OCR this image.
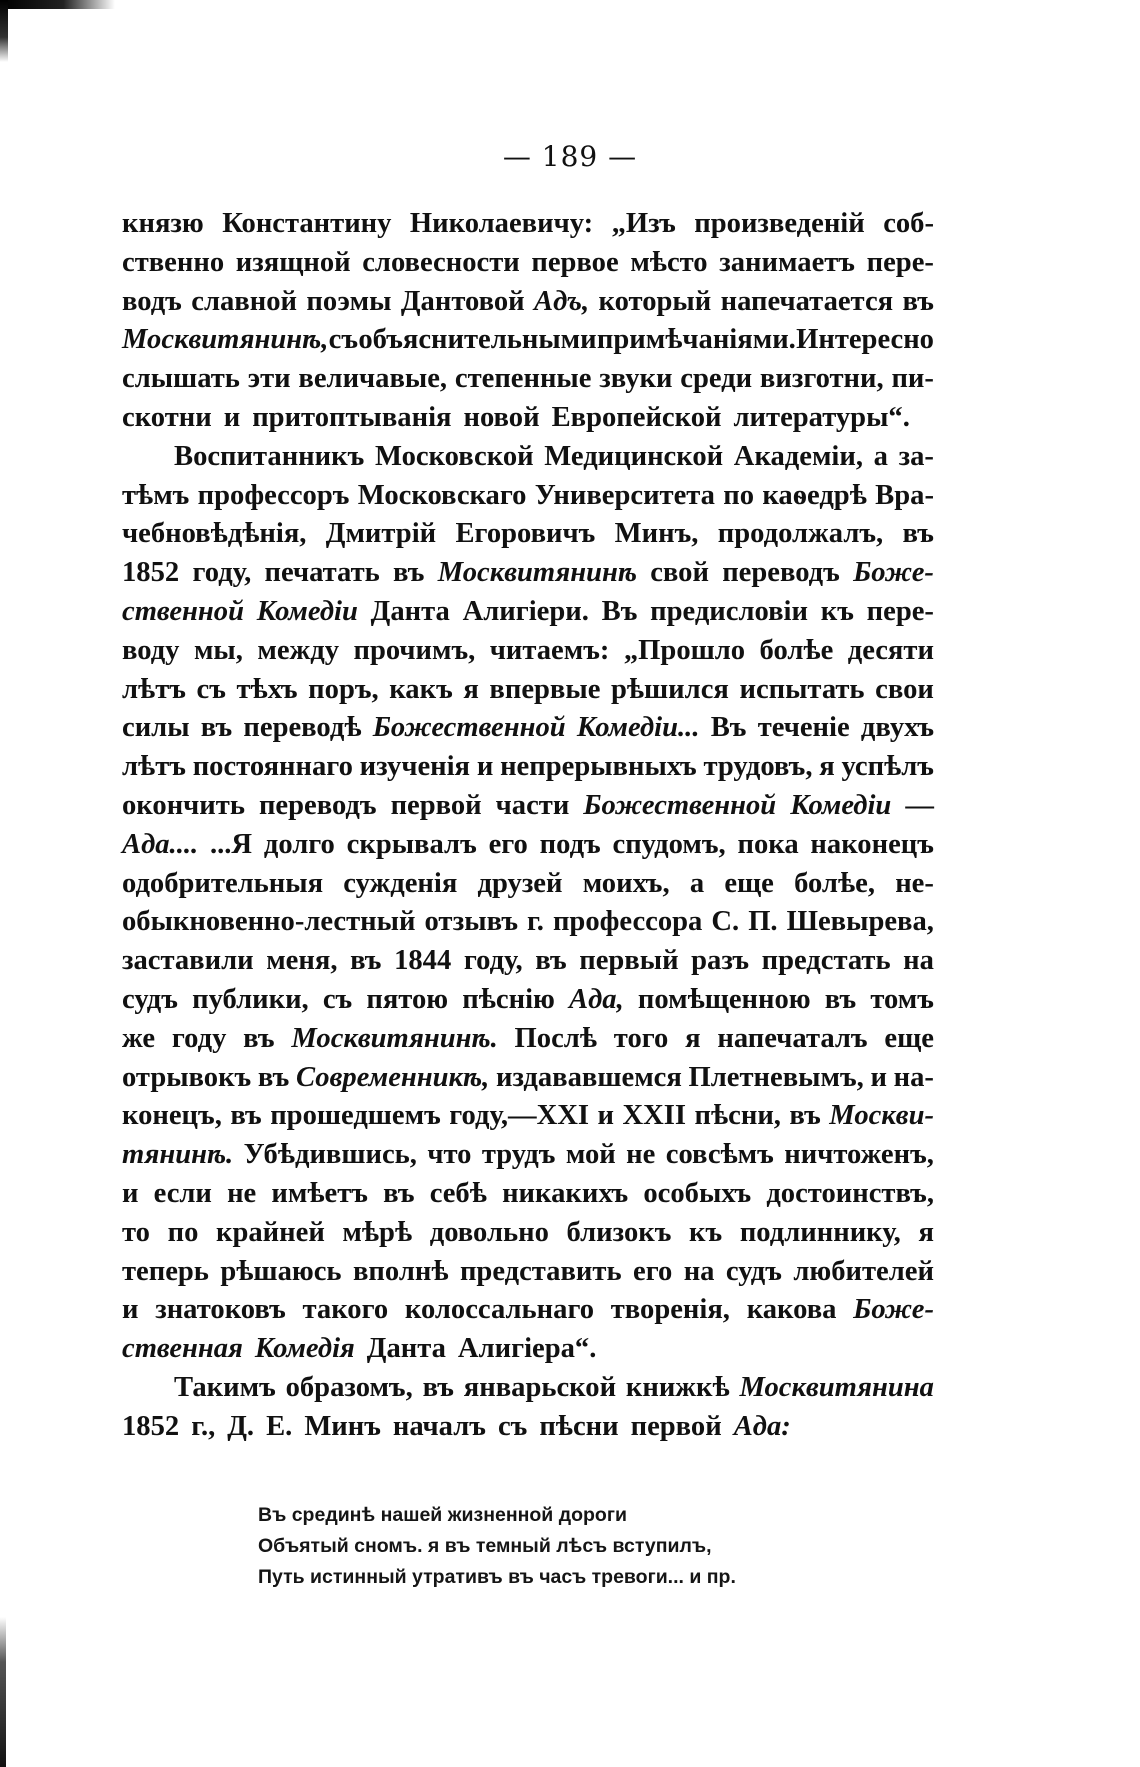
— 189 —
князю Константину Николаевичу: „Изъ произведеній соб-
ственно изящной словесности первое мѣсто занимаетъ пере-
водъ славной поэмы Дантовой Адъ, который напечатается въ
Москвитянинѣ, съ объяснительными примѣчаніями. Интересно
слышать эти величавые, степенные звуки среди визготни, пи-
скотни и притоптыванія новой Европейской литературы“.
Воспитанникъ Московской Медицинской Академіи, а за-
тѣмъ профессоръ Московскаго Университета по каѳедрѣ Вра-
чебновѣдѣнія, Дмитрій Егоровичъ Минъ, продолжалъ, въ
1852 году, печатать въ Москвитянинѣ свой переводъ Боже-
ственной Комедіи Данта Алигіери. Въ предисловіи къ пере-
воду мы, между прочимъ, читаемъ: „Прошло болѣе десяти
лѣтъ съ тѣхъ поръ, какъ я впервые рѣшился испытать свои
силы въ переводѣ Божественной Комедіи... Въ теченіе двухъ
лѣтъ постояннаго изученія и непрерывныхъ трудовъ, я успѣлъ
окончить переводъ первой части Божественной Комедіи —
Ада.... ...Я долго скрывалъ его подъ спудомъ, пока наконецъ
одобрительныя сужденія друзей моихъ, а еще болѣе, не-
обыкновенно-лестный отзывъ г. профессора С. П. Шевырева,
заставили меня, въ 1844 году, въ первый разъ предстать на
судъ публики, съ пятою пѣснію Ада, помѣщенною въ томъ
же году въ Москвитянинѣ. Послѣ того я напечаталъ еще
отрывокъ въ Современникѣ, издававшемся Плетневымъ, и на-
конецъ, въ прошедшемъ году,—XXI и XXII пѣсни, въ Москви-
тянинѣ. Убѣдившись, что трудъ мой не совсѣмъ ничтоженъ,
и если не имѣетъ въ себѣ никакихъ особыхъ достоинствъ,
то по крайней мѣрѣ довольно близокъ къ подлиннику, я
теперь рѣшаюсь вполнѣ представить его на судъ любителей
и знатоковъ такого колоссальнаго творенія, какова Боже-
ственная Комедія Данта Алигіера“.
Такимъ образомъ, въ январьской книжкѣ Москвитянина
1852 г., Д. Е. Минъ началъ съ пѣсни первой Ада:
Въ срединѣ нашей жизненной дороги
Объятый сномъ. я въ темный лѣсъ вступилъ,
Путь истинный утративъ въ часъ тревоги... и пр.
